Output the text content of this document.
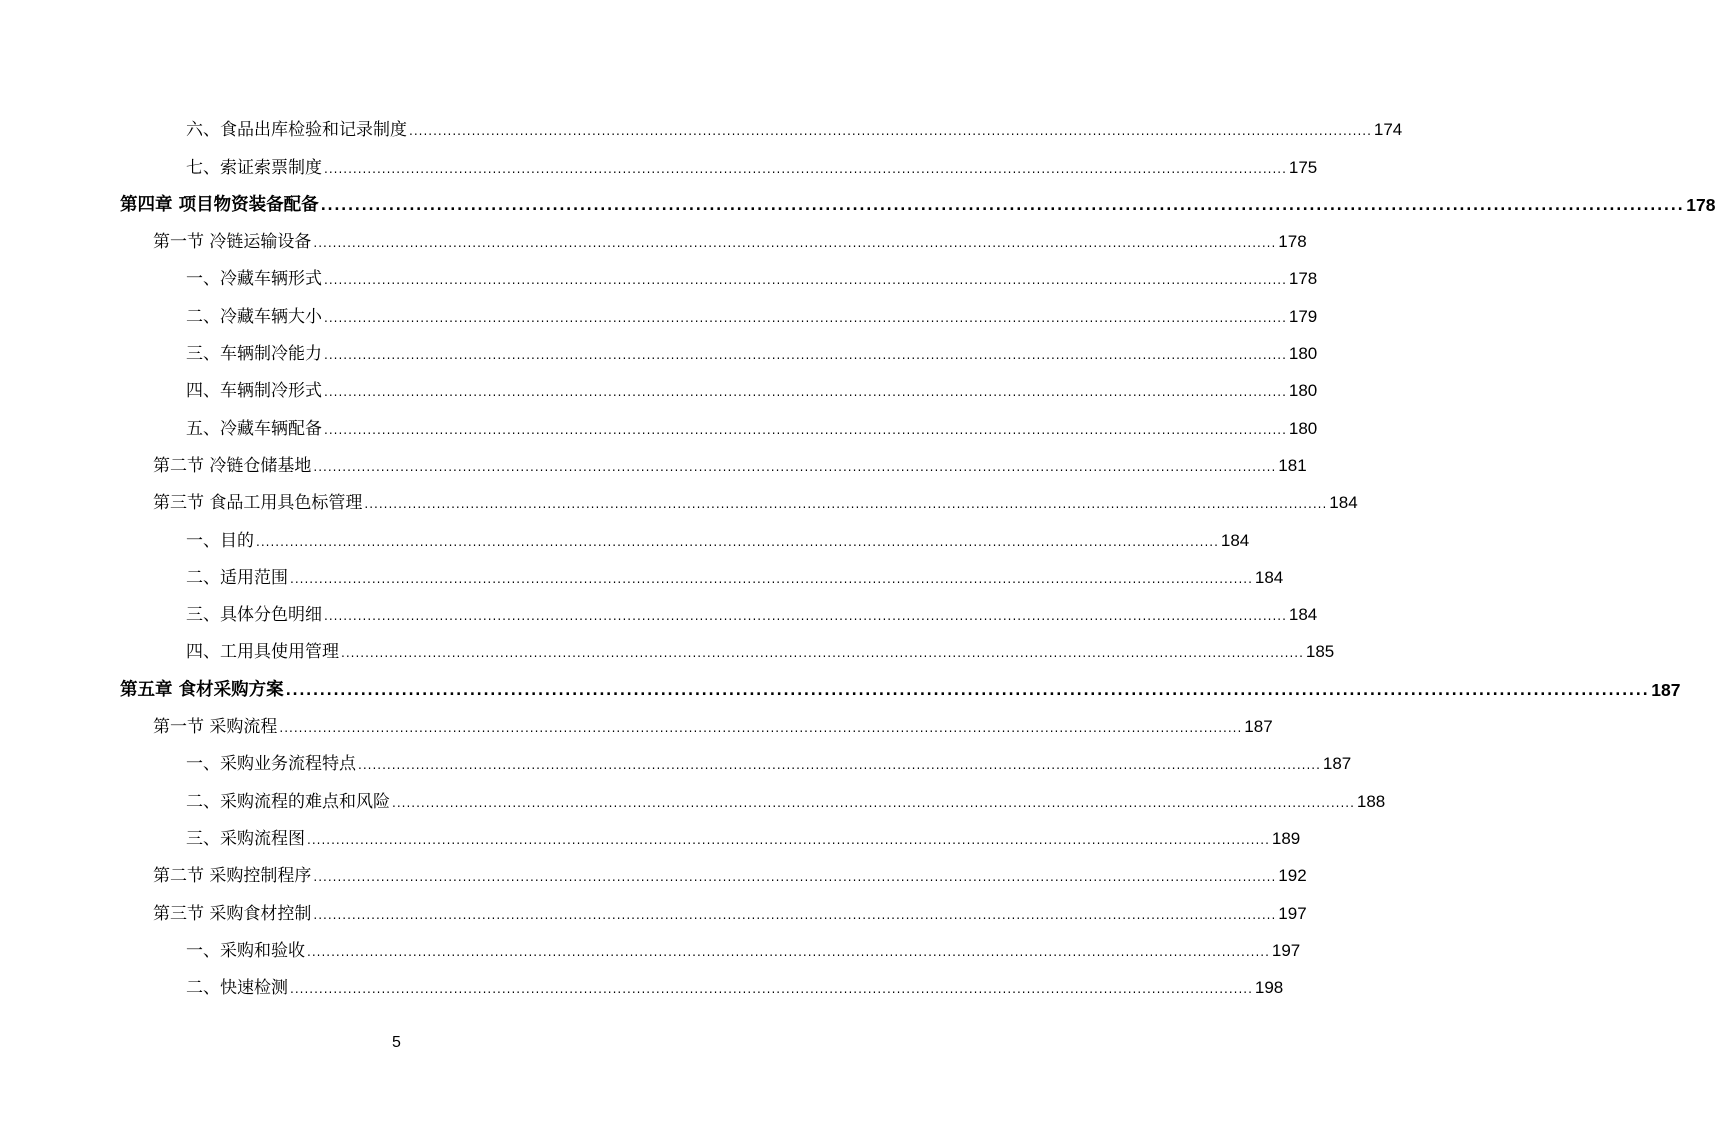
六、食品出库检验和记录制度 ........................................................................................................................................................................................................ 174
七、索证索票制度 ........................................................................................................................................................................................................ 175
第四章 项目物资装备配备 ........................................................................................................................................................................................................ 178
第一节 冷链运输设备 ........................................................................................................................................................................................................ 178
一、冷藏车辆形式 ........................................................................................................................................................................................................ 178
二、冷藏车辆大小 ........................................................................................................................................................................................................ 179
三、车辆制冷能力 ........................................................................................................................................................................................................ 180
四、车辆制冷形式 ........................................................................................................................................................................................................ 180
五、冷藏车辆配备 ........................................................................................................................................................................................................ 180
第二节 冷链仓储基地 ........................................................................................................................................................................................................ 181
第三节 食品工用具色标管理 ........................................................................................................................................................................................................ 184
一、目的 ........................................................................................................................................................................................................ 184
二、适用范围 ........................................................................................................................................................................................................ 184
三、具体分色明细 ........................................................................................................................................................................................................ 184
四、工用具使用管理 ........................................................................................................................................................................................................ 185
第五章 食材采购方案 ........................................................................................................................................................................................................ 187
第一节 采购流程 ........................................................................................................................................................................................................ 187
一、采购业务流程特点 ........................................................................................................................................................................................................ 187
二、采购流程的难点和风险 ........................................................................................................................................................................................................ 188
三、采购流程图 ........................................................................................................................................................................................................ 189
第二节 采购控制程序 ........................................................................................................................................................................................................ 192
第三节 采购食材控制 ........................................................................................................................................................................................................ 197
一、采购和验收 ........................................................................................................................................................................................................ 197
二、快速检测 ........................................................................................................................................................................................................ 198
5
